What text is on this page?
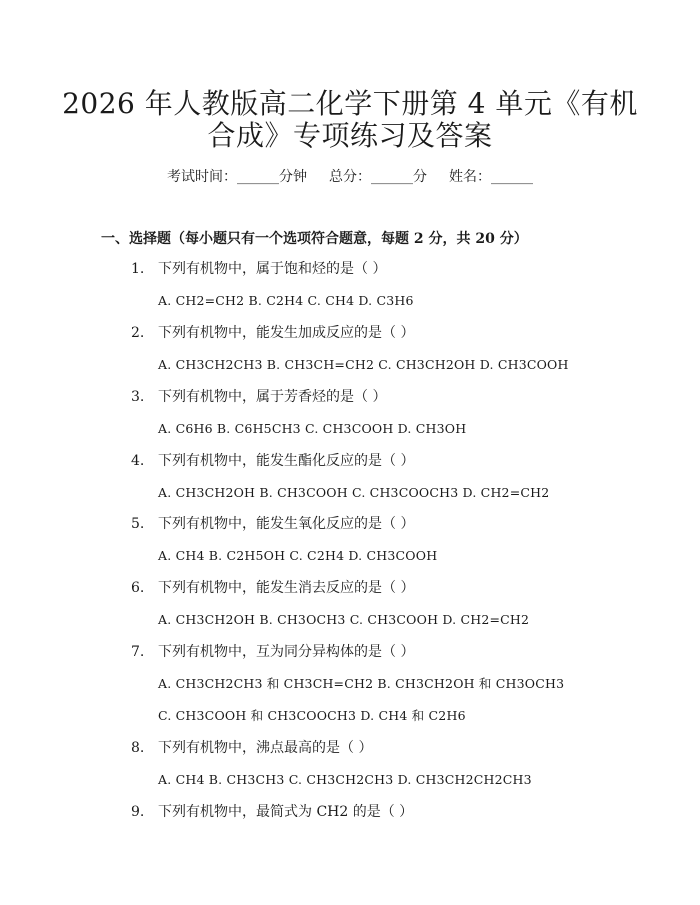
2026 年人教版高二化学下册第 4 单元《有机
合成》专项练习及答案
考试时间：______分钟 总分：______分 姓名：______
一、选择题（每小题只有一个选项符合题意，每题 2 分，共 20 分）
1. 下列有机物中，属于饱和烃的是（ ）
A. CH2=CH2 B. C2H4 C. CH4 D. C3H6
2. 下列有机物中，能发生加成反应的是（ ）
A. CH3CH2CH3 B. CH3CH=CH2 C. CH3CH2OH D. CH3COOH
3. 下列有机物中，属于芳香烃的是（ ）
A. C6H6 B. C6H5CH3 C. CH3COOH D. CH3OH
4. 下列有机物中，能发生酯化反应的是（ ）
A. CH3CH2OH B. CH3COOH C. CH3COOCH3 D. CH2=CH2
5. 下列有机物中，能发生氧化反应的是（ ）
A. CH4 B. C2H5OH C. C2H4 D. CH3COOH
6. 下列有机物中，能发生消去反应的是（ ）
A. CH3CH2OH B. CH3OCH3 C. CH3COOH D. CH2=CH2
7. 下列有机物中，互为同分异构体的是（ ）
A. CH3CH2CH3 和 CH3CH=CH2 B. CH3CH2OH 和 CH3OCH3
C. CH3COOH 和 CH3COOCH3 D. CH4 和 C2H6
8. 下列有机物中，沸点最高的是（ ）
A. CH4 B. CH3CH3 C. CH3CH2CH3 D. CH3CH2CH2CH3
9. 下列有机物中，最简式为 CH2 的是（ ）
